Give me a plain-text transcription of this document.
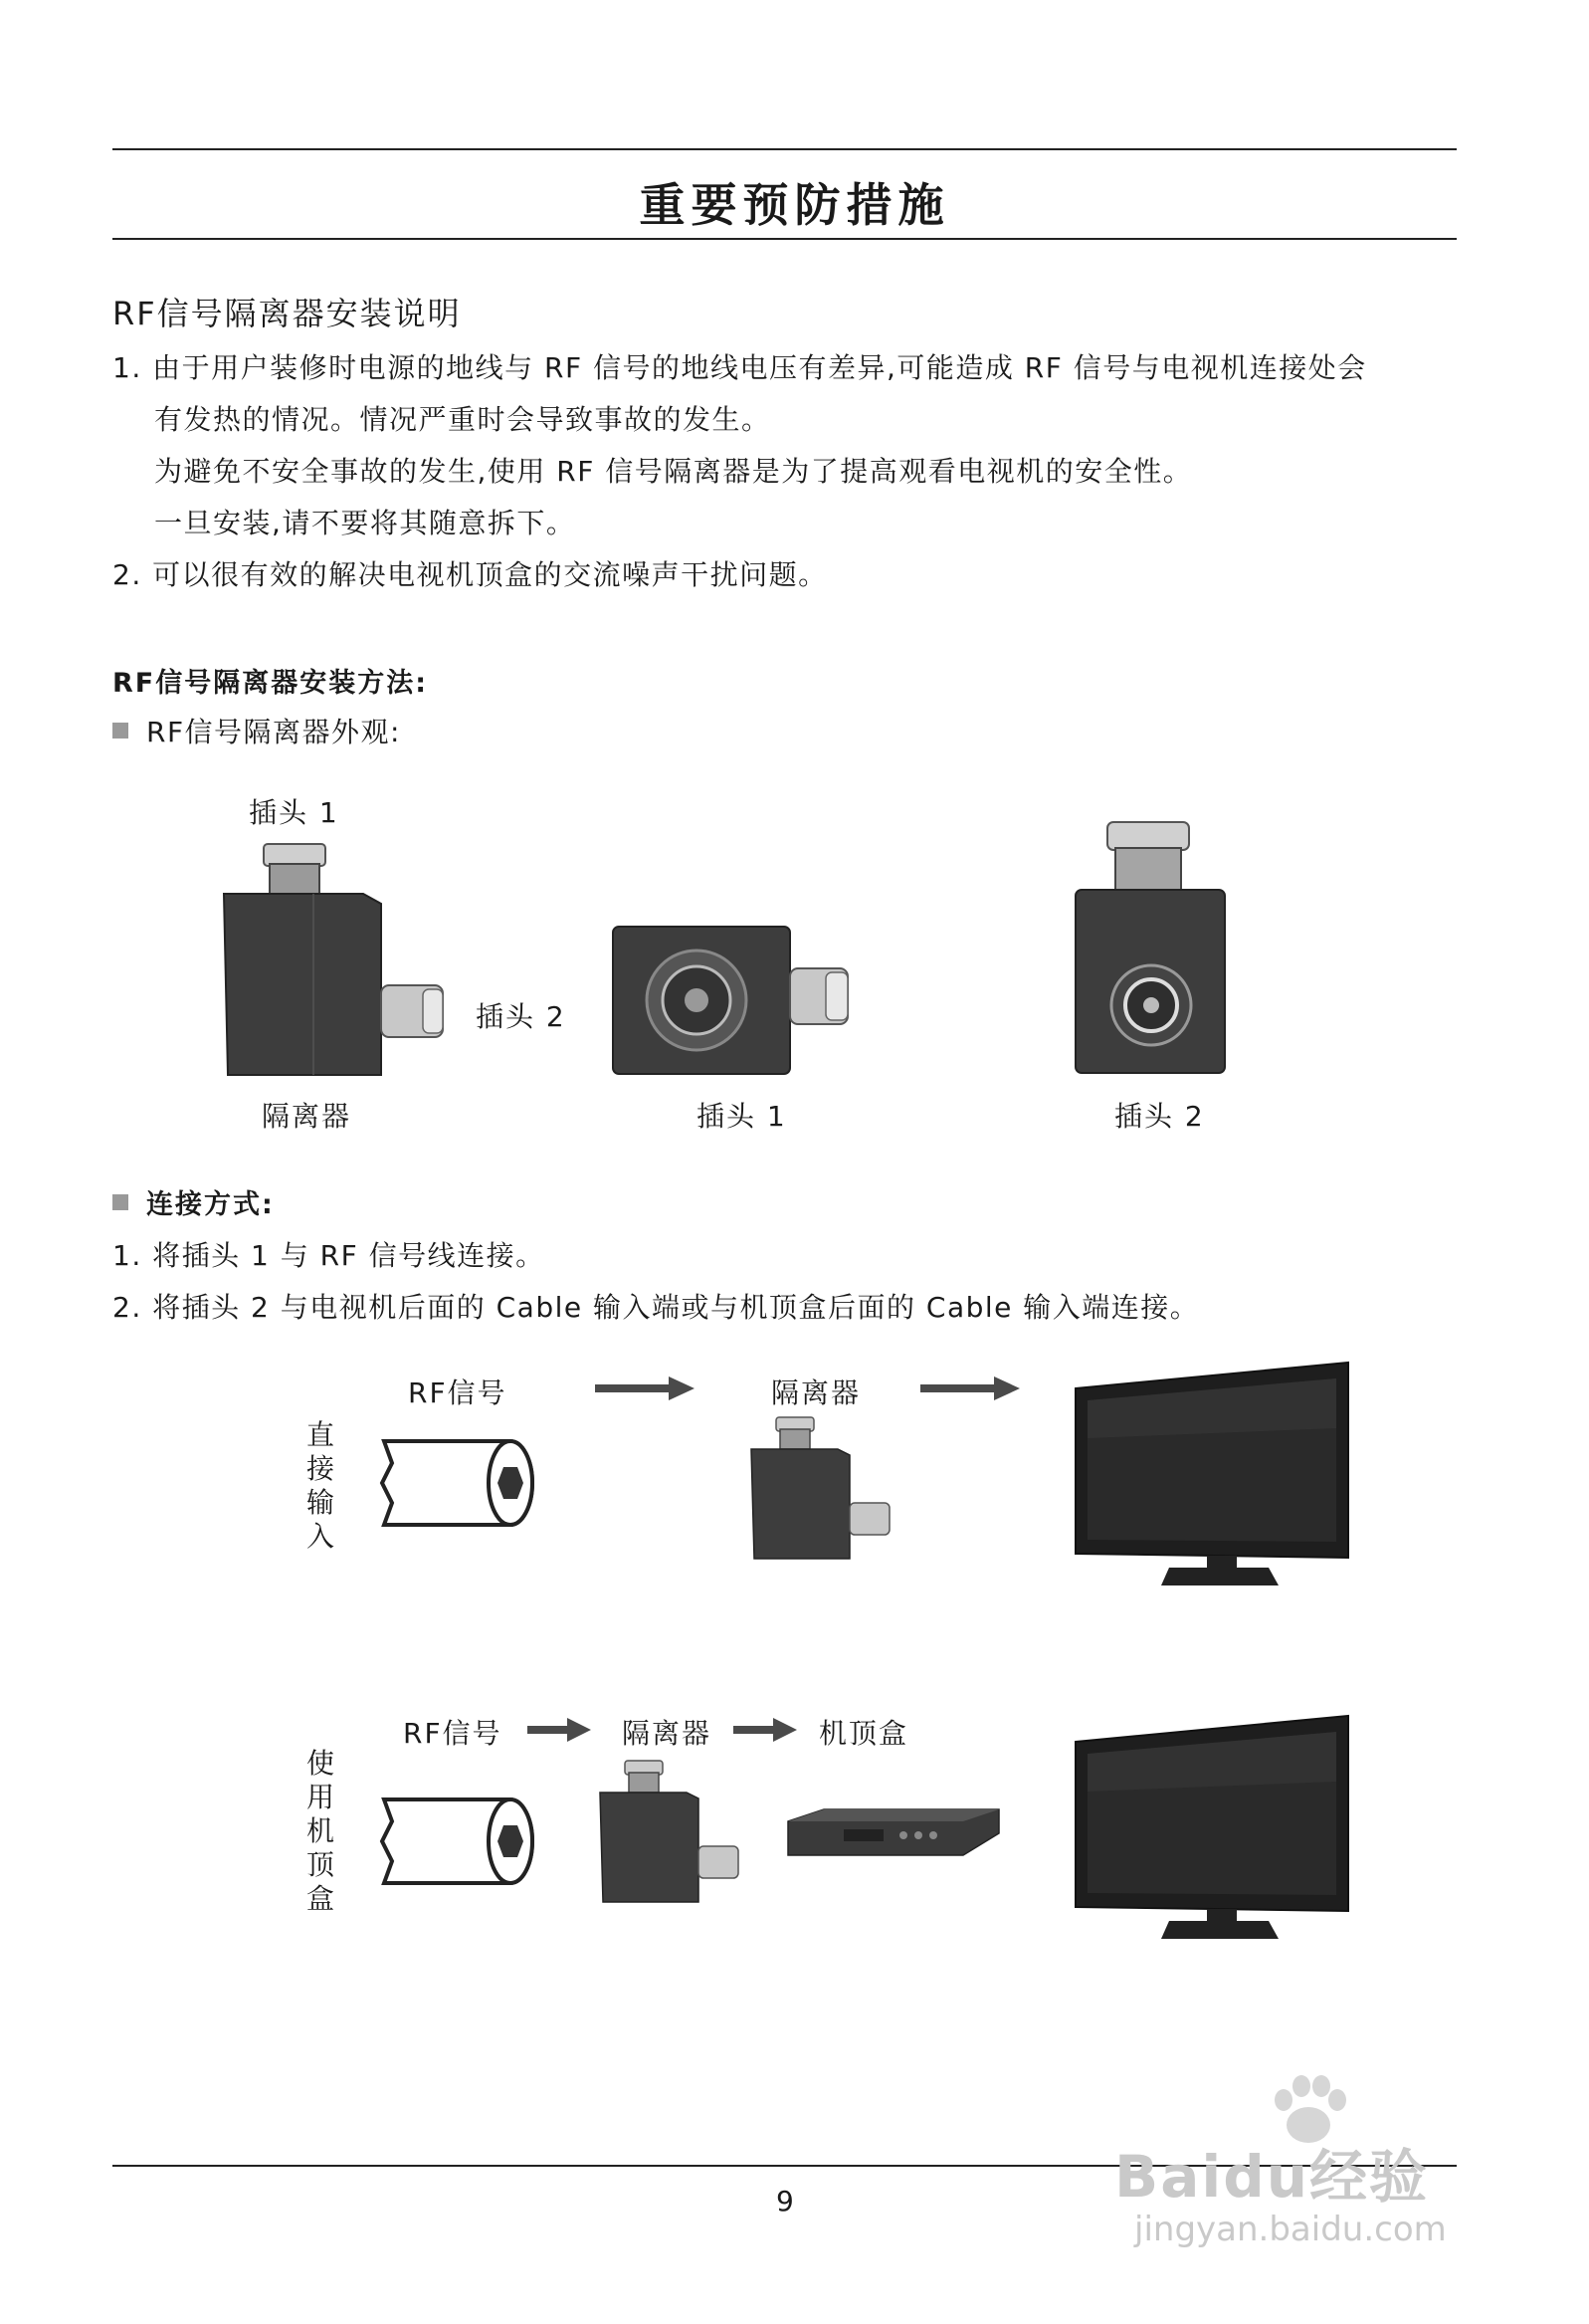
重要预防措施
RF信号隔离器安装说明
1. 由于用户装修时电源的地线与 RF 信号的地线电压有差异,可能造成 RF 信号与电视机连接处会
有发热的情况。情况严重时会导致事故的发生。
为避免不安全事故的发生,使用 RF 信号隔离器是为了提高观看电视机的安全性。
一旦安装,请不要将其随意拆下。
2. 可以很有效的解决电视机顶盒的交流噪声干扰问题。
RF信号隔离器安装方法:
RF信号隔离器外观:
插头 1
插头 2
隔离器	插头 1	插头 2
连接方式:
1. 将插头 1 与 RF 信号线连接。
2. 将插头 2 与电视机后面的 Cable 输入端或与机顶盒后面的 Cable 输入端连接。
直
接
输
入
RF信号	隔离器
使
用
机
顶
盒
RF信号	隔离器	机顶盒
9	Baidu经验
jingyan.baidu.com
